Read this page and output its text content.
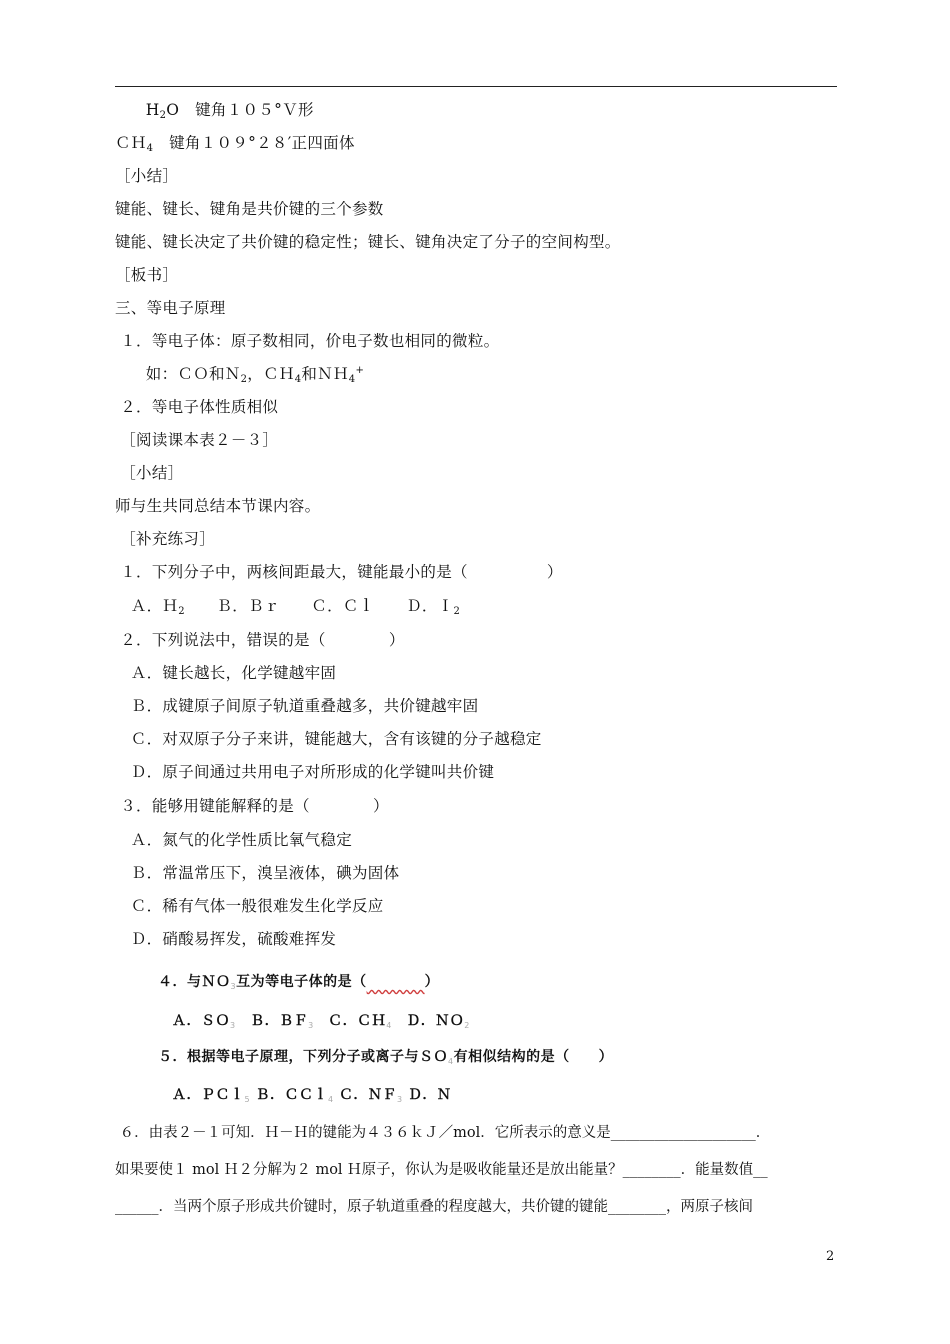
　H2O　键角１０５°Ｖ形
ＣＨ4　键角１０９°２８′正四面体
［小结］
键能、键长、键角是共价键的三个参数
键能、键长决定了共价键的稳定性；键长、键角决定了分子的空间构型。
［板书］
三、等电子原理
１．等电子体：原子数相同，价电子数也相同的微粒。
　如：ＣＯ和Ｎ2，ＣＨ4和ＮＨ4+
２．等电子体性质相似
［阅读课本表２－３］
［小结］
师与生共同总结本节课内容。
［补充练习］
１．下列分子中，两核间距最大，键能最小的是（　　　　　）
　Ａ．Ｈ2　　Ｂ．Ｂｒ　　Ｃ．Ｃｌ　　Ｄ．Ｉ2
２．下列说法中，错误的是（　　　　）
　Ａ．键长越长，化学键越牢固
　Ｂ．成键原子间原子轨道重叠越多，共价键越牢固
　Ｃ．对双原子分子来讲，键能越大，含有该键的分子越稳定
　Ｄ．原子间通过共用电子对所形成的化学键叫共价键
３．能够用键能解释的是（　　　　）
　Ａ．氮气的化学性质比氧气稳定
　Ｂ．常温常压下，溴呈液体，碘为固体
　Ｃ．稀有气体一般很难发生化学反应
　Ｄ．硝酸易挥发，硫酸难挥发
４．与ＮＯ$_3$互为等电子体的是（　　　　	）
Ａ．ＳＯ$_3$　Ｂ．ＢＦ$_3$　Ｃ．ＣＨ$_4$　Ｄ．ＮＯ$_2$
５．根据等电子原理，下列分子或离子与ＳＯ$_4$有相似结构的是（　　）
Ａ．ＰＣｌ$_5$ Ｂ．ＣＣｌ$_4$ Ｃ．ＮＦ$_3$ Ｄ．Ｎ
６．由表２－１可知．Ｈ－Ｈ的键能为４３６ｋＪ／mol．它所表示的意义是____________________．
如果要使１ mol Ｈ２分解为２ mol Ｈ原子，你认为是吸收能量还是放出能量？________．能量数值__
______．当两个原子形成共价键时，原子轨道重叠的程度越大，共价键的键能________，两原子核间
2
